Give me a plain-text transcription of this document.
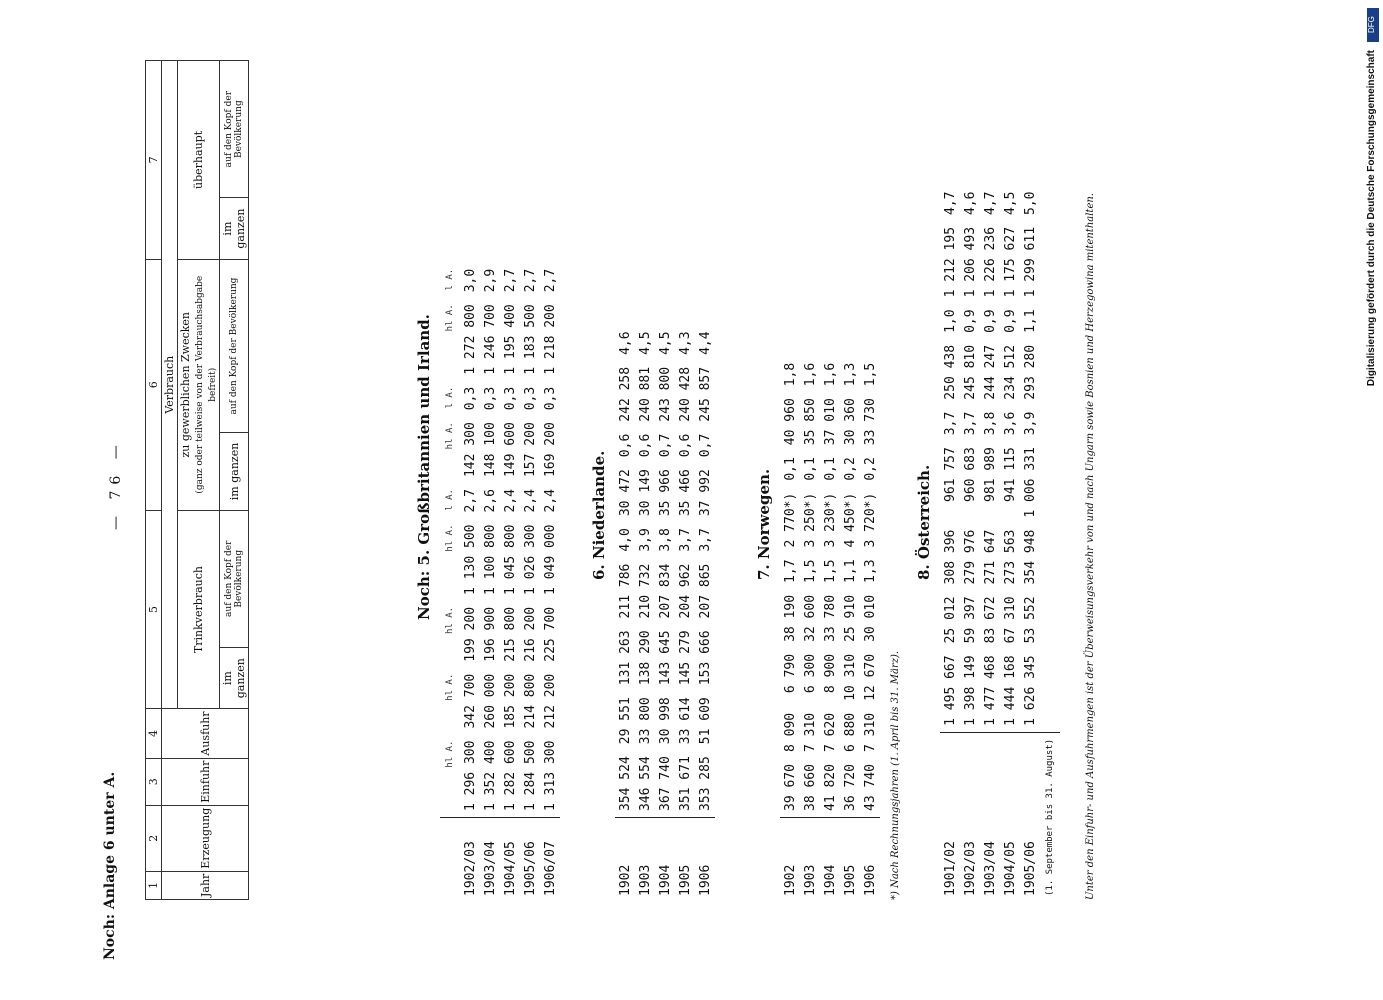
Noch: Anlage 6 unter A.
— 76 —
1	2	3	4	5		6		7	
Jahr	Erzeugung	Einfuhr	Ausfuhr	Verbrauch					
				Trinkverbrauch		zu gewerblichen Zwecken (ganz oder teilweise von der Verbrauchsabgabe befreit)		überhaupt	
				im ganzen	auf den Kopf der Bevölkerung	im ganzen	auf den Kopf der Bevölkerung	im ganzen	auf den Kopf der Bevölkerung
Noch: 5. Großbritannien und Irland.
	hl A.	hl A.	hl A.	hl A.	l A.	hl A.	l A.	hl A.	l A.
1902/03	1 296 300	342 700	199 200	1 130 500	2,7	142 300	0,3	1 272 800	3,0
1903/04	1 352 400	260 000	196 900	1 100 800	2,6	148 100	0,3	1 246 700	2,9
1904/05	1 282 600	185 200	215 800	1 045 800	2,4	149 600	0,3	1 195 400	2,7
1905/06	1 284 500	214 800	216 200	1 026 300	2,4	157 200	0,3	1 183 500	2,7
1906/07	1 313 300	212 200	225 700	1 049 000	2,4	169 200	0,3	1 218 200	2,7
6. Niederlande.
1902	354 524	29 551	131 263	211 786	4,0	30 472	0,6	242 258	4,6
1903	346 554	33 800	138 290	210 732	3,9	30 149	0,6	240 881	4,5
1904	367 740	30 998	143 645	207 834	3,8	35 966	0,7	243 800	4,5
1905	351 671	33 614	145 279	204 962	3,7	35 466	0,6	240 428	4,3
1906	353 285	51 609	153 666	207 865	3,7	37 992	0,7	245 857	4,4
7. Norwegen.
1902	39 670	8 090	6 790	38 190	1,7	2 770*)	0,1	40 960	1,8
1903	38 660	7 310	6 300	32 600	1,5	3 250*)	0,1	35 850	1,6
1904	41 820	7 620	8 900	33 780	1,5	3 230*)	0,1	37 010	1,6
1905	36 720	6 880	10 310	25 910	1,1	4 450*)	0,2	30 360	1,3
1906	43 740	7 310	12 670	30 010	1,3	3 720*)	0,2	33 730	1,5
*) Nach Rechnungsjahren (1. April bis 31. März).
8. Österreich.
1901/02	1 495 667	25 012	308 396	961 757	3,7	250 438	1,0	1 212 195	4,7
1902/03	1 398 149	59 397	279 976	960 683	3,7	245 810	0,9	1 206 493	4,6
1903/04	1 477 468	83 672	271 647	981 989	3,8	244 247	0,9	1 226 236	4,7
1904/05	1 444 168	67 310	273 563	941 115	3,6	234 512	0,9	1 175 627	4,5
1905/06	1 626 345	53 552	354 948	1 006 331	3,9	293 280	1,1	1 299 611	5,0
(1. September bis 31. August)										Unter den Einfuhr- und Ausfuhrmengen ist der Überweisungsverkehr von und nach Ungarn sowie Bosnien und Herzegowina mitenthalten.
DFG
Digitalisierung gefördert durch die Deutsche Forschungsgemeinschaft
